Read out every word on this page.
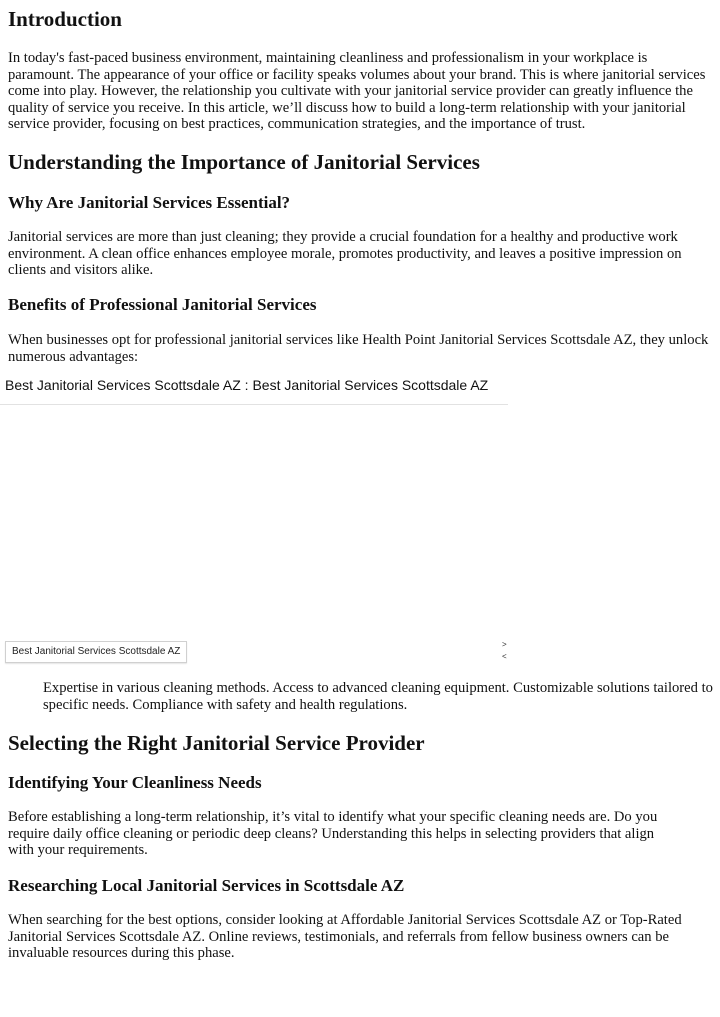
Introduction

In today's fast-paced business environment, maintaining cleanliness and professionalism in your workplace is paramount. The appearance of your office or facility speaks volumes about your brand. This is where janitorial services come into play. However, the relationship you cultivate with your janitorial service provider can greatly influence the quality of service you receive. In this article, we’ll discuss how to build a long-term relationship with your janitorial service provider, focusing on best practices, communication strategies, and the importance of trust.

Understanding the Importance of Janitorial Services
Why Are Janitorial Services Essential?

Janitorial services are more than just cleaning; they provide a crucial foundation for a healthy and productive work environment. A clean office enhances employee morale, promotes productivity, and leaves a positive impression on clients and visitors alike.

Benefits of Professional Janitorial Services

When businesses opt for professional janitorial services like Health Point Janitorial Services Scottsdale AZ, they unlock numerous advantages:

Best Janitorial Services Scottsdale AZ : Best Janitorial Services Scottsdale AZ
Best Janitorial Services Scottsdale AZ
>
<

Expertise in various cleaning methods. Access to advanced cleaning equipment. Customizable solutions tailored to specific needs. Compliance with safety and health regulations.

Selecting the Right Janitorial Service Provider
Identifying Your Cleanliness Needs

Before establishing a long-term relationship, it’s vital to identify what your specific cleaning needs are. Do you require daily office cleaning or periodic deep cleans? Understanding this helps in selecting providers that align with your requirements.

Researching Local Janitorial Services in Scottsdale AZ

When searching for the best options, consider looking at Affordable Janitorial Services Scottsdale AZ or Top-Rated Janitorial Services Scottsdale AZ. Online reviews, testimonials, and referrals from fellow business owners can be invaluable resources during this phase.
